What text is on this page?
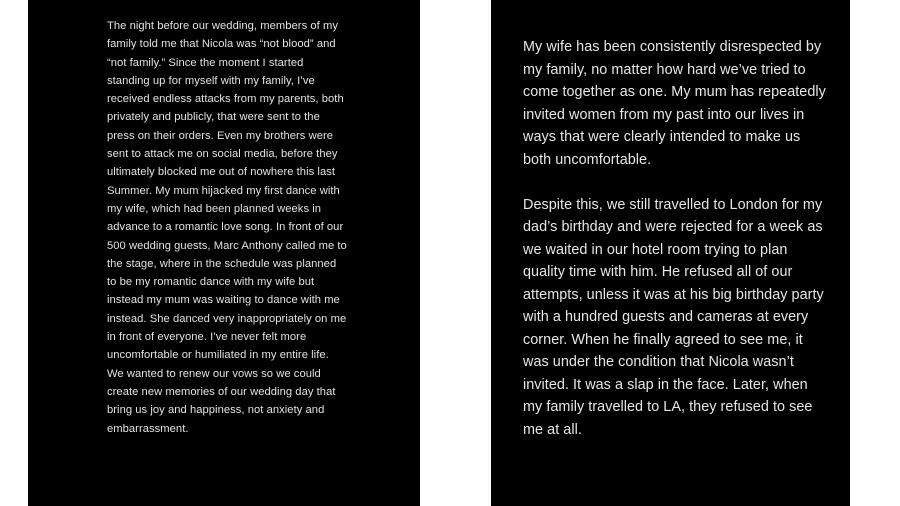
The night before our wedding, members of my family told me that Nicola was “not blood” and “not family.” Since the moment I started standing up for myself with my family, I’ve received endless attacks from my parents, both privately and publicly, that were sent to the press on their orders. Even my brothers were sent to attack me on social media, before they ultimately blocked me out of nowhere this last Summer. My mum hijacked my first dance with my wife, which had been planned weeks in advance to a romantic love song. In front of our 500 wedding guests, Marc Anthony called me to the stage, where in the schedule was planned to be my romantic dance with my wife but instead my mum was waiting to dance with me instead. She danced very inappropriately on me in front of everyone. I’ve never felt more uncomfortable or humiliated in my entire life. We wanted to renew our vows so we could create new memories of our wedding day that bring us joy and happiness, not anxiety and embarrassment.

My wife has been consistently disrespected by my family, no matter how hard we’ve tried to come together as one. My mum has repeatedly invited women from my past into our lives in ways that were clearly intended to make us both uncomfortable.

Despite this, we still travelled to London for my dad’s birthday and were rejected for a week as we waited in our hotel room trying to plan quality time with him. He refused all of our attempts, unless it was at his big birthday party with a hundred guests and cameras at every corner. When he finally agreed to see me, it was under the condition that Nicola wasn’t invited. It was a slap in the face. Later, when my family travelled to LA, they refused to see me at all.
